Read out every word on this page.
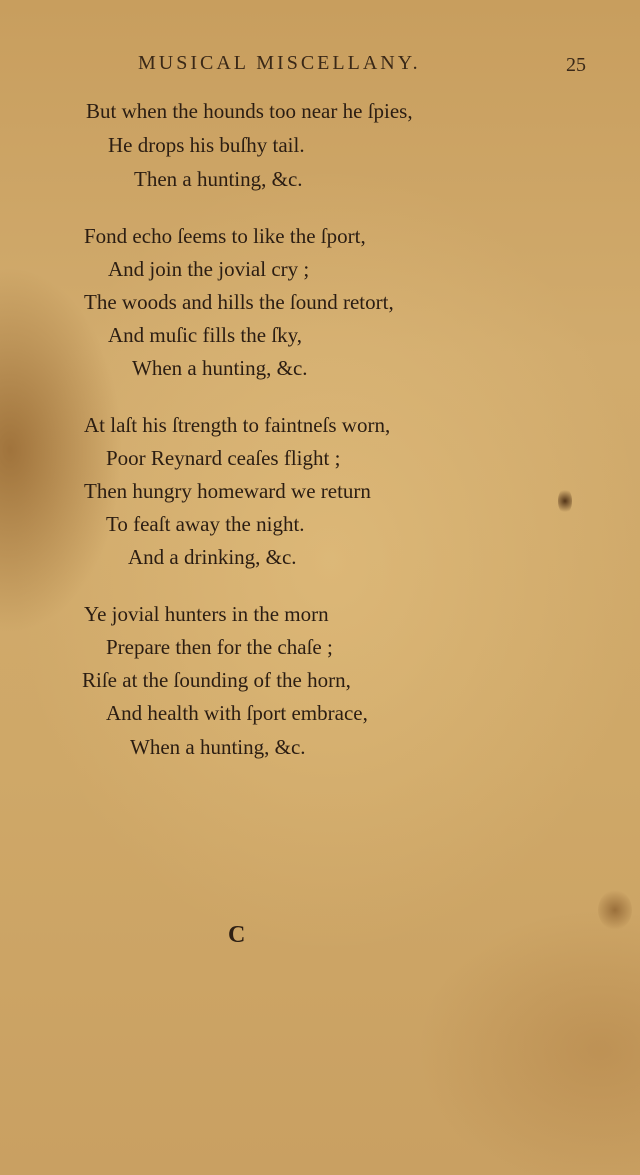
MUSICAL MISCELLANY.	25
But when the hounds too near he ſpies,
He drops his buſhy tail.
Then a hunting, &c.
Fond echo ſeems to like the ſport,
And join the jovial cry ;
The woods and hills the ſound retort,
And muſic fills the ſky,
When a hunting, &c.
At laſt his ſtrength to faintneſs worn,
Poor Reynard ceaſes flight ;
Then hungry homeward we return
To feaſt away the night.
And a drinking, &c.
Ye jovial hunters in the morn
Prepare then for the chaſe ;
Riſe at the ſounding of the horn,
And health with ſport embrace,
When a hunting, &c.
C
